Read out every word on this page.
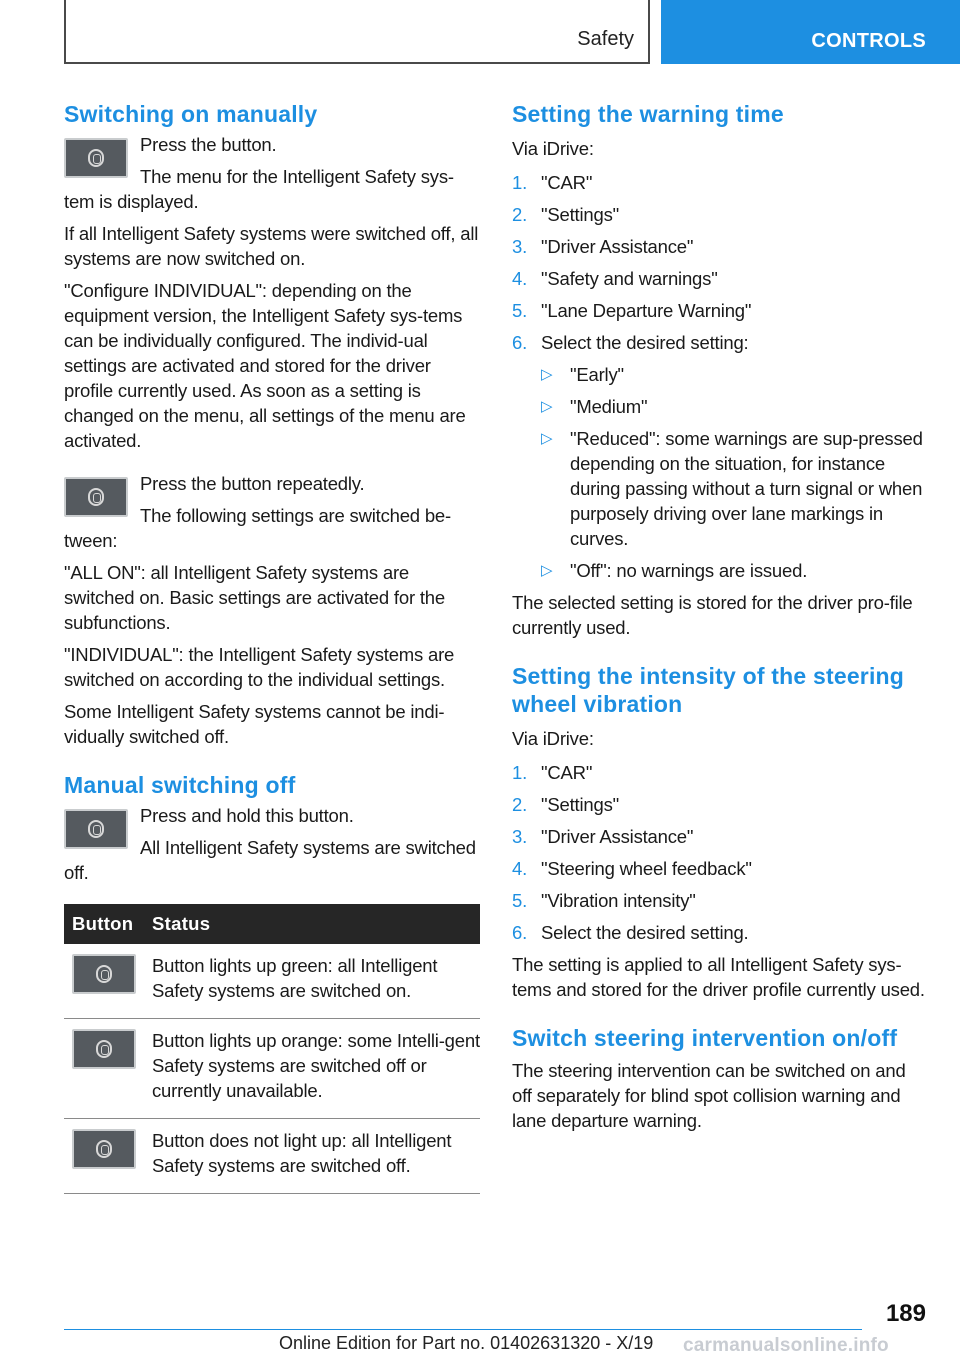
Safety	CONTROLS
Switching on manually

Press the button.

The menu for the Intelligent Safety sys-tem is displayed.

If all Intelligent Safety systems were switched off, all systems are now switched on.

"Configure INDIVIDUAL": depending on the equipment version, the Intelligent Safety sys-tems can be individually configured. The individ-ual settings are activated and stored for the driver profile currently used. As soon as a setting is changed on the menu, all settings of the menu are activated.

Press the button repeatedly.

The following settings are switched be-tween:

"ALL ON": all Intelligent Safety systems are switched on. Basic settings are activated for the subfunctions.

"INDIVIDUAL": the Intelligent Safety systems are switched on according to the individual settings.

Some Intelligent Safety systems cannot be indi-vidually switched off.

Manual switching off

Press and hold this button.

All Intelligent Safety systems are switched off.

Button	Status

	Button lights up green: all Intelligent Safety systems are switched on.

	Button lights up orange: some Intelli-gent Safety systems are switched off or currently unavailable.

	Button does not light up: all Intelligent Safety systems are switched off.
Setting the warning time

Via iDrive:

1. "CAR"
2. "Settings"
3. "Driver Assistance"
4. "Safety and warnings"
5. "Lane Departure Warning"
6. Select the desired setting:
▷ "Early"
▷ "Medium"
▷ "Reduced": some warnings are sup-pressed depending on the situation, for instance during passing without a turn signal or when purposely driving over lane markings in curves.
▷ "Off": no warnings are issued.

The selected setting is stored for the driver pro-file currently used.

Setting the intensity of the steering wheel vibration

Via iDrive:

1. "CAR"
2. "Settings"
3. "Driver Assistance"
4. "Steering wheel feedback"
5. "Vibration intensity"
6. Select the desired setting.

The setting is applied to all Intelligent Safety sys-tems and stored for the driver profile currently used.

Switch steering intervention on/off

The steering intervention can be switched on and off separately for blind spot collision warning and lane departure warning.

189
Online Edition for Part no. 01402631320 - X/19 carmanualsonline.info
